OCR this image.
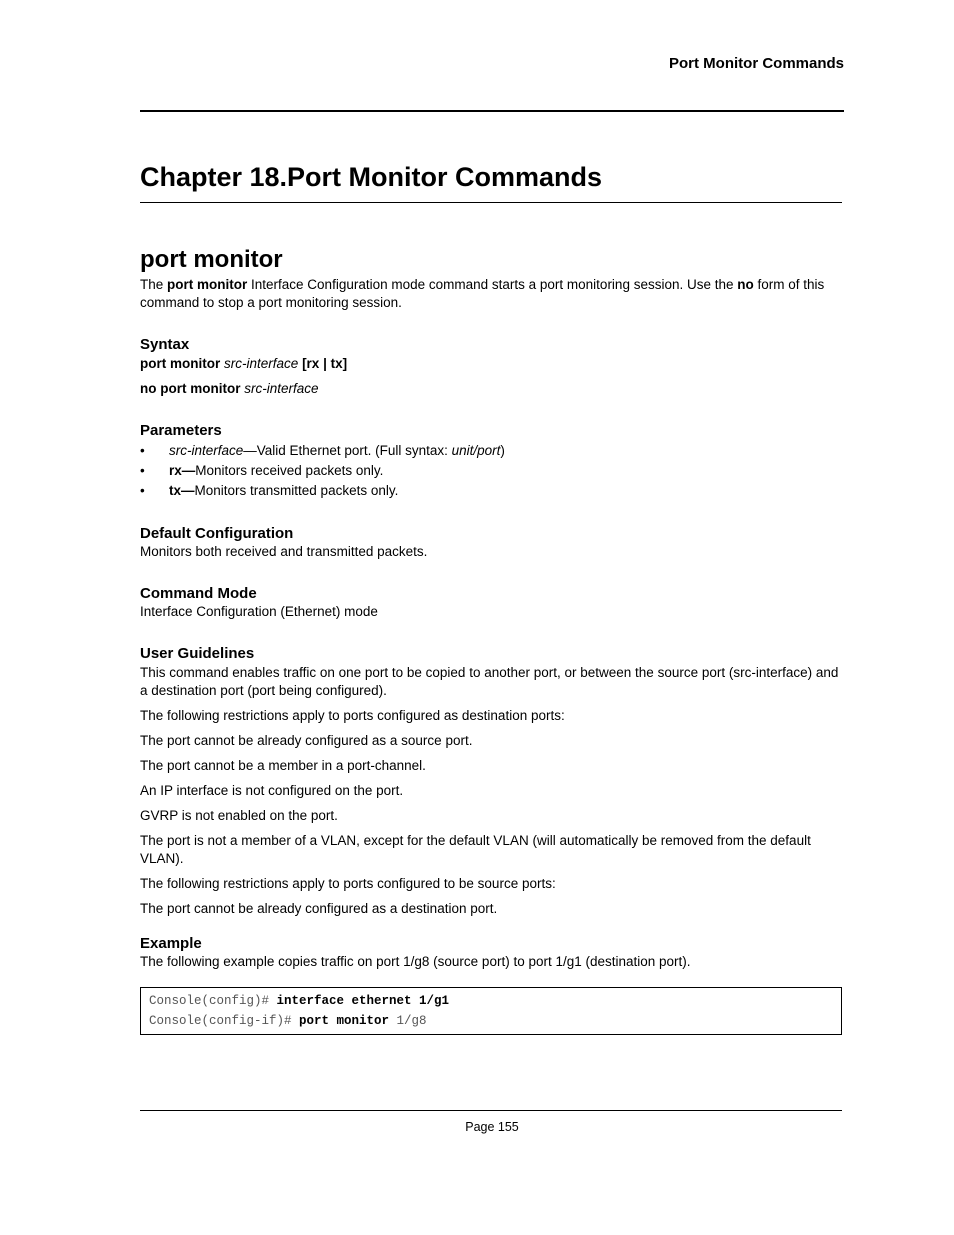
Port Monitor Commands
Chapter 18.Port Monitor Commands
port monitor

The port monitor Interface Configuration mode command starts a port monitoring session. Use the no form of this command to stop a port monitoring session.

Syntax

port monitor src-interface [rx | tx]

no port monitor src-interface

Parameters
• src-interface—Valid Ethernet port. (Full syntax: unit/port)
• rx—Monitors received packets only.
• tx—Monitors transmitted packets only.
Default Configuration

Monitors both received and transmitted packets.

Command Mode

Interface Configuration (Ethernet) mode

User Guidelines

This command enables traffic on one port to be copied to another port, or between the source port (src-interface) and a destination port (port being configured).

The following restrictions apply to ports configured as destination ports:

The port cannot be already configured as a source port.

The port cannot be a member in a port-channel.

An IP interface is not configured on the port.

GVRP is not enabled on the port.

The port is not a member of a VLAN, except for the default VLAN (will automatically be removed from the default VLAN).

The following restrictions apply to ports configured to be source ports:

The port cannot be already configured as a destination port.

Example

The following example copies traffic on port 1/g8 (source port) to port 1/g1 (destination port).

Console(config)# interface ethernet 1/g1
Console(config-if)# port monitor 1/g8
Page 155
